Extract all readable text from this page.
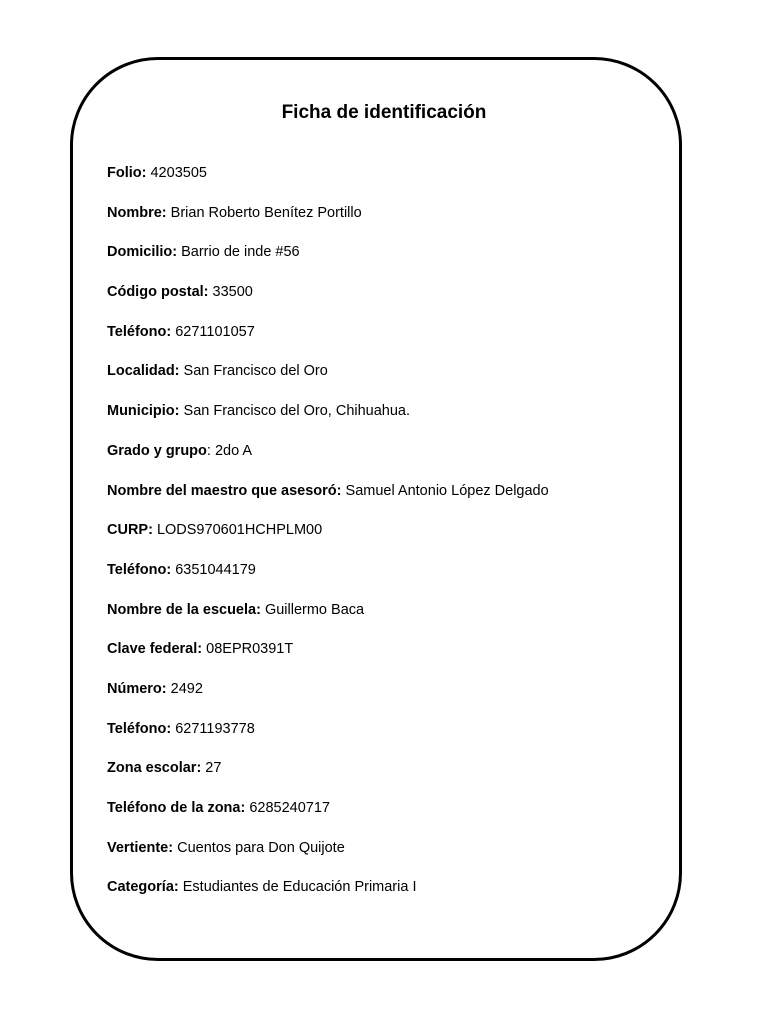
Ficha de identificación
Folio: 4203505
Nombre: Brian Roberto Benítez Portillo
Domicilio: Barrio de inde #56
Código postal: 33500
Teléfono: 6271101057
Localidad: San Francisco del Oro
Municipio: San Francisco del Oro, Chihuahua.
Grado y grupo: 2do A
Nombre del maestro que asesoró: Samuel Antonio López Delgado
CURP: LODS970601HCHPLM00
Teléfono: 6351044179
Nombre de la escuela: Guillermo Baca
Clave federal: 08EPR0391T
Número: 2492
Teléfono: 6271193778
Zona escolar: 27
Teléfono de la zona: 6285240717
Vertiente: Cuentos para Don Quijote
Categoría: Estudiantes de Educación Primaria I
